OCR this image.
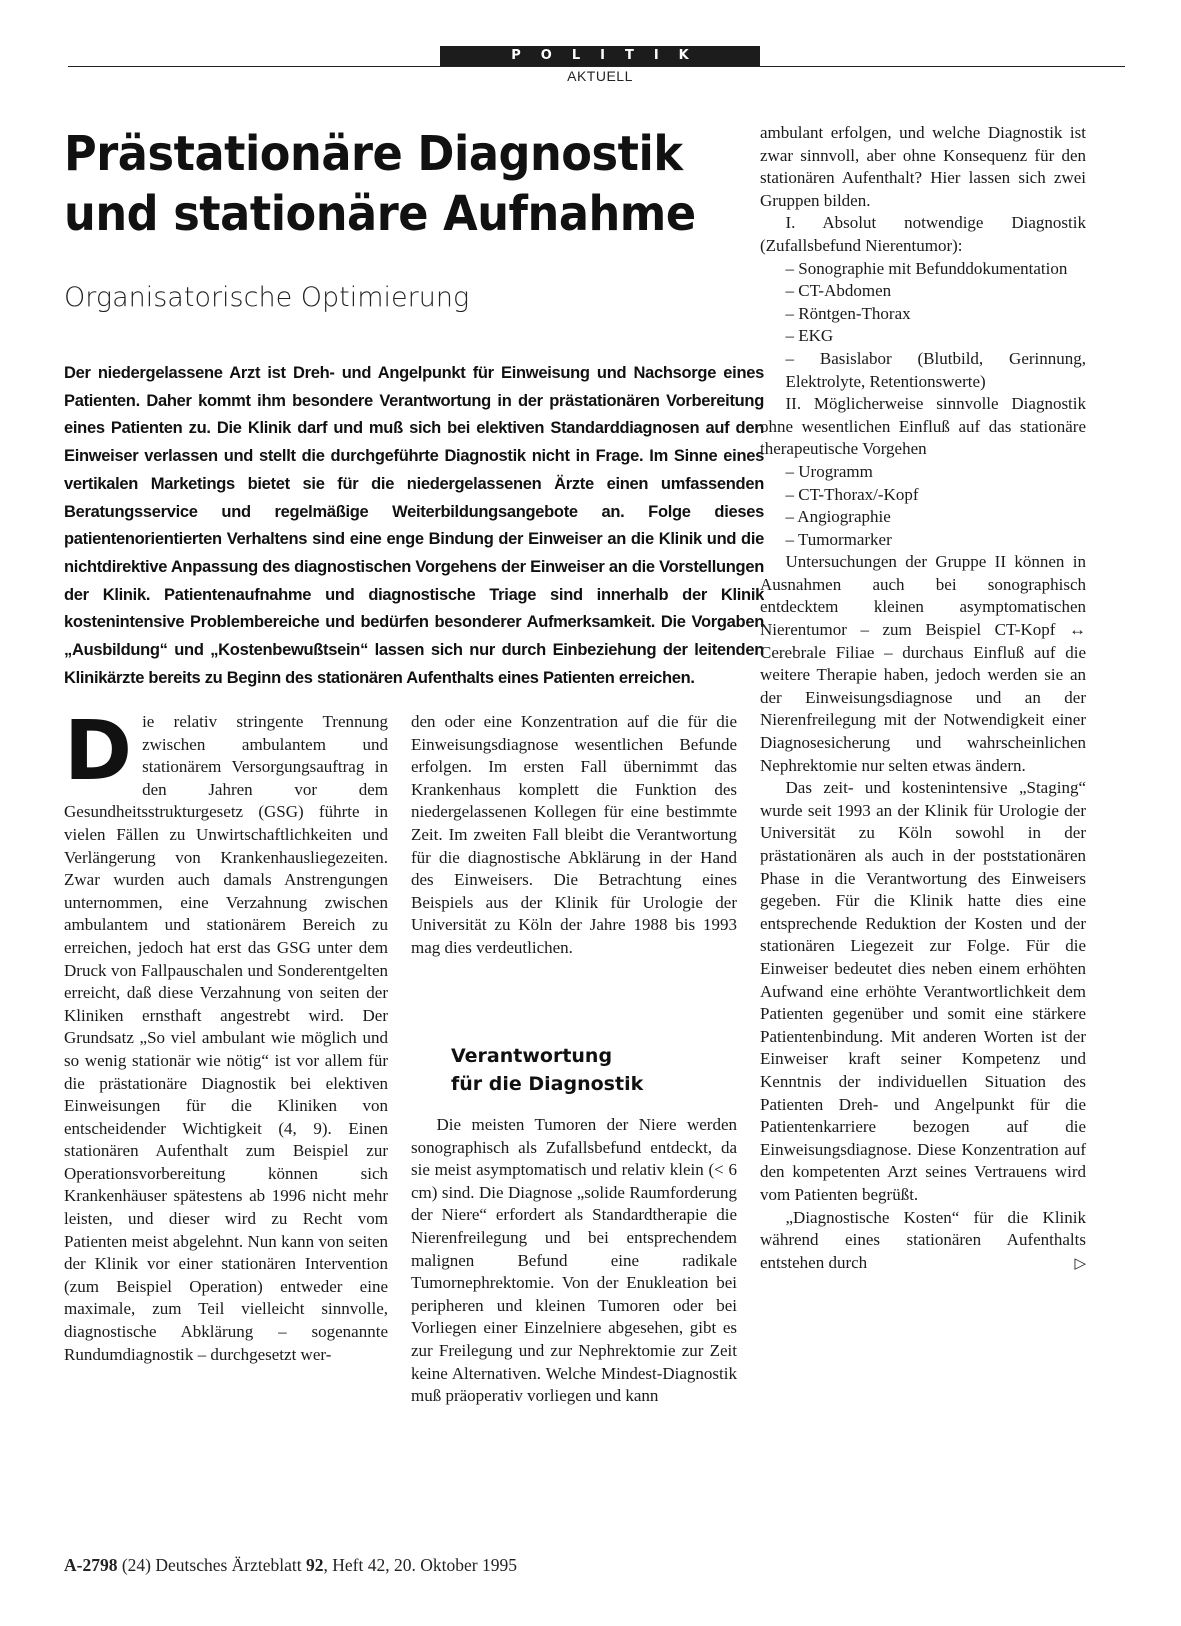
POLITIK
AKTUELL
Prästationäre Diagnostik
und stationäre Aufnahme
Organisatorische Optimierung

Der niedergelassene Arzt ist Dreh- und Angelpunkt für Einweisung und Nachsorge eines Patienten. Daher kommt ihm besondere Verantwortung in der prästationären Vorbereitung eines Patienten zu. Die Klinik darf und muß sich bei elektiven Standarddiagnosen auf den Einweiser verlassen und stellt die durchgeführte Diagnostik nicht in Frage. Im Sinne eines vertikalen Marketings bietet sie für die niedergelassenen Ärzte einen umfassenden Beratungsservice und regelmäßige Weiterbildungsangebote an. Folge dieses patientenorientierten Verhaltens sind eine enge Bindung der Einweiser an die Klinik und die nichtdirektive Anpassung des diagnostischen Vorgehens der Einweiser an die Vorstellungen der Klinik. Patientenaufnahme und diagnostische Triage sind innerhalb der Klinik kostenintensive Problembereiche und bedürfen besonderer Aufmerksamkeit. Die Vorgaben „Ausbildung“ und „Kostenbewußtsein“ lassen sich nur durch Einbeziehung der leitenden Klinikärzte bereits zu Beginn des stationären Aufenthalts eines Patienten erreichen.

D ie relativ stringente Trennung zwischen ambulantem und stationärem Versorgungsauftrag in den Jahren vor dem Gesundheitsstrukturgesetz (GSG) führte in vielen Fällen zu Unwirtschaftlichkeiten und Verlängerung von Krankenhausliegezeiten. Zwar wurden auch damals Anstrengungen unternommen, eine Verzahnung zwischen ambulantem und stationärem Bereich zu erreichen, jedoch hat erst das GSG unter dem Druck von Fallpauschalen und Sonderentgelten erreicht, daß diese Verzahnung von seiten der Kliniken ernsthaft angestrebt wird. Der Grundsatz „So viel ambulant wie möglich und so wenig stationär wie nötig“ ist vor allem für die prästationäre Diagnostik bei elektiven Einweisungen für die Kliniken von entscheidender Wichtigkeit (4, 9). Einen stationären Aufenthalt zum Beispiel zur Operationsvorbereitung können sich Krankenhäuser spätestens ab 1996 nicht mehr leisten, und dieser wird zu Recht vom Patienten meist abgelehnt. Nun kann von seiten der Klinik vor einer stationären Intervention (zum Beispiel Operation) entweder eine maximale, zum Teil vielleicht sinnvolle, diagnostische Abklärung – sogenannte Rundumdiagnostik – durchgesetzt wer-

den oder eine Konzentration auf die für die Einweisungsdiagnose wesentlichen Befunde erfolgen. Im ersten Fall übernimmt das Krankenhaus komplett die Funktion des niedergelassenen Kollegen für eine bestimmte Zeit. Im zweiten Fall bleibt die Verantwortung für die diagnostische Abklärung in der Hand des Einweisers. Die Betrachtung eines Beispiels aus der Klinik für Urologie der Universität zu Köln der Jahre 1988 bis 1993 mag dies verdeutlichen.

Verantwortung
für die Diagnostik

Die meisten Tumoren der Niere werden sonographisch als Zufallsbefund entdeckt, da sie meist asymptomatisch und relativ klein (< 6 cm) sind. Die Diagnose „solide Raumforderung der Niere“ erfordert als Standardtherapie die Nierenfreilegung und bei entsprechendem malignen Befund eine radikale Tumornephrektomie. Von der Enukleation bei peripheren und kleinen Tumoren oder bei Vorliegen einer Einzelniere abgesehen, gibt es zur Freilegung und zur Nephrektomie zur Zeit keine Alternativen. Welche Mindest-Diagnostik muß präoperativ vorliegen und kann

ambulant erfolgen, und welche Diagnostik ist zwar sinnvoll, aber ohne Konsequenz für den stationären Aufenthalt? Hier lassen sich zwei Gruppen bilden.

I. Absolut notwendige Diagnostik (Zufallsbefund Nierentumor):

– Sonographie mit Befunddokumentation
– CT-Abdomen
– Röntgen-Thorax
– EKG
– Basislabor (Blutbild, Gerinnung, Elektrolyte, Retentionswerte)

II. Möglicherweise sinnvolle Diagnostik ohne wesentlichen Einfluß auf das stationäre therapeutische Vorgehen

– Urogramm
– CT-Thorax/-Kopf
– Angiographie
– Tumormarker

Untersuchungen der Gruppe II können in Ausnahmen auch bei sonographisch entdecktem kleinen asymptomatischen Nierentumor – zum Beispiel CT-Kopf ↔ Cerebrale Filiae – durchaus Einfluß auf die weitere Therapie haben, jedoch werden sie an der Einweisungsdiagnose und an der Nierenfreilegung mit der Notwendigkeit einer Diagnosesicherung und wahrscheinlichen Nephrektomie nur selten etwas ändern.

Das zeit- und kostenintensive „Staging“ wurde seit 1993 an der Klinik für Urologie der Universität zu Köln sowohl in der prästationären als auch in der poststationären Phase in die Verantwortung des Einweisers gegeben. Für die Klinik hatte dies eine entsprechende Reduktion der Kosten und der stationären Liegezeit zur Folge. Für die Einweiser bedeutet dies neben einem erhöhten Aufwand eine erhöhte Verantwortlichkeit dem Patienten gegenüber und somit eine stärkere Patientenbindung. Mit anderen Worten ist der Einweiser kraft seiner Kompetenz und Kenntnis der individuellen Situation des Patienten Dreh- und Angelpunkt für die Patientenkarriere bezogen auf die Einweisungsdiagnose. Diese Konzentration auf den kompetenten Arzt seines Vertrauens wird vom Patienten begrüßt.

„Diagnostische Kosten“ für die Klinik während eines stationären Aufenthalts entstehen durch	▷

A-2798 (24) Deutsches Ärzteblatt 92, Heft 42, 20. Oktober 1995
